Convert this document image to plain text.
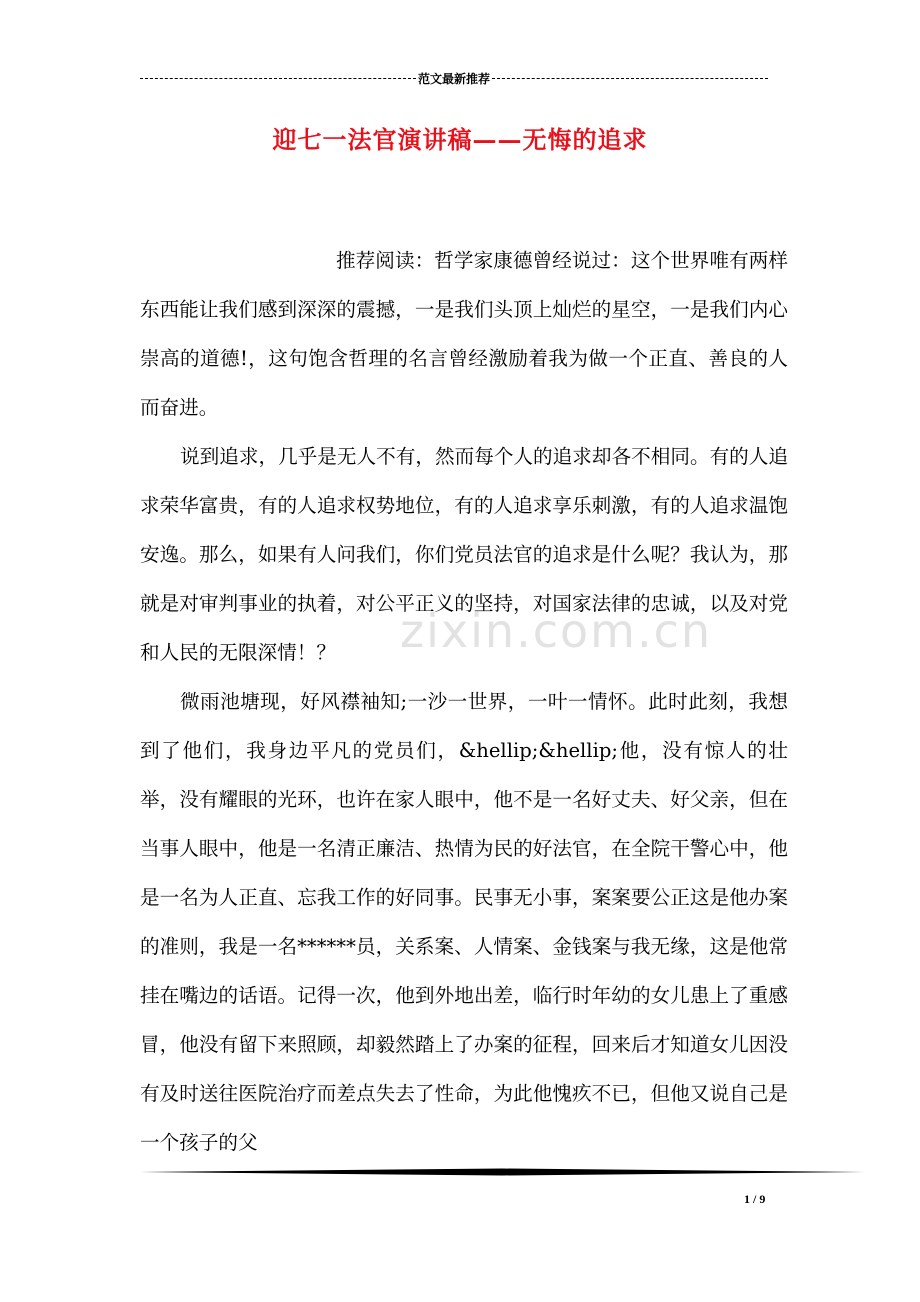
范文最新推荐
迎七一法官演讲稿——无悔的追求

推荐阅读：哲学家康德曾经说过：这个世界唯有两样东西能让我们感到深深的震撼，一是我们头顶上灿烂的星空，一是我们内心崇高的道德!，这句饱含哲理的名言曾经激励着我为做一个正直、善良的人而奋进。

说到追求，几乎是无人不有，然而每个人的追求却各不相同。有的人追求荣华富贵，有的人追求权势地位，有的人追求享乐刺激，有的人追求温饱安逸。那么，如果有人问我们，你们党员法官的追求是什么呢？我认为，那就是对审判事业的执着，对公平正义的坚持，对国家法律的忠诚，以及对党和人民的无限深情！？

微雨池塘现，好风襟袖知;一沙一世界，一叶一情怀。此时此刻，我想到了他们，我身边平凡的党员们，&hellip;&hellip;他，没有惊人的壮举，没有耀眼的光环，也许在家人眼中，他不是一名好丈夫、好父亲，但在当事人眼中，他是一名清正廉洁、热情为民的好法官，在全院干警心中，他是一名为人正直、忘我工作的好同事。民事无小事，案案要公正这是他办案的准则，我是一名******员，关系案、人情案、金钱案与我无缘，这是他常挂在嘴边的话语。记得一次，他到外地出差，临行时年幼的女儿患上了重感冒，他没有留下来照顾，却毅然踏上了办案的征程，回来后才知道女儿因没有及时送往医院治疗而差点失去了性命，为此他愧疚不已，但他又说自己是一个孩子的父

zixin.com.cn
1 / 9
